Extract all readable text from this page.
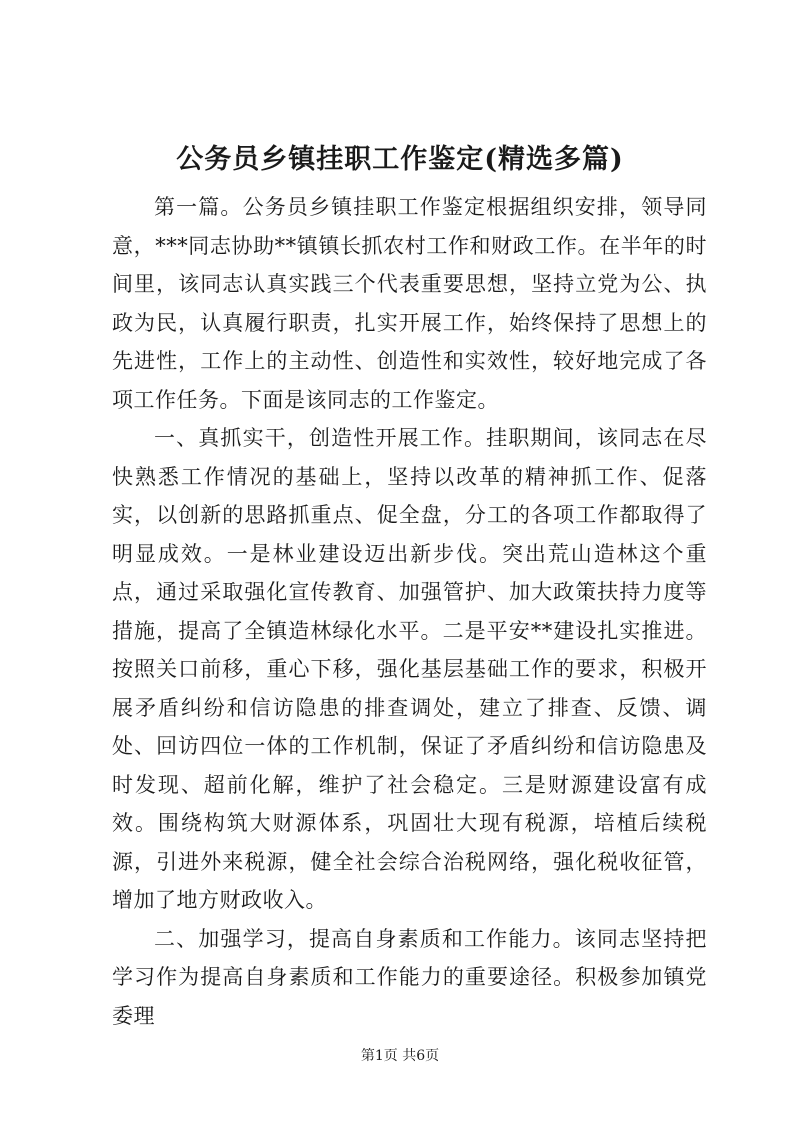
公务员乡镇挂职工作鉴定(精选多篇)

第一篇。公务员乡镇挂职工作鉴定根据组织安排，领导同意，***同志协助**镇镇长抓农村工作和财政工作。在半年的时间里，该同志认真实践三个代表重要思想，坚持立党为公、执政为民，认真履行职责，扎实开展工作，始终保持了思想上的先进性，工作上的主动性、创造性和实效性，较好地完成了各项工作任务。下面是该同志的工作鉴定。

一、真抓实干，创造性开展工作。挂职期间，该同志在尽快熟悉工作情况的基础上，坚持以改革的精神抓工作、促落实，以创新的思路抓重点、促全盘，分工的各项工作都取得了明显成效。一是林业建设迈出新步伐。突出荒山造林这个重点，通过采取强化宣传教育、加强管护、加大政策扶持力度等措施，提高了全镇造林绿化水平。二是平安**建设扎实推进。按照关口前移，重心下移，强化基层基础工作的要求，积极开展矛盾纠纷和信访隐患的排查调处，建立了排查、反馈、调处、回访四位一体的工作机制，保证了矛盾纠纷和信访隐患及时发现、超前化解，维护了社会稳定。三是财源建设富有成效。围绕构筑大财源体系，巩固壮大现有税源，培植后续税源，引进外来税源，健全社会综合治税网络，强化税收征管，增加了地方财政收入。

二、加强学习，提高自身素质和工作能力。该同志坚持把学习作为提高自身素质和工作能力的重要途径。积极参加镇党委理

第1页 共6页
